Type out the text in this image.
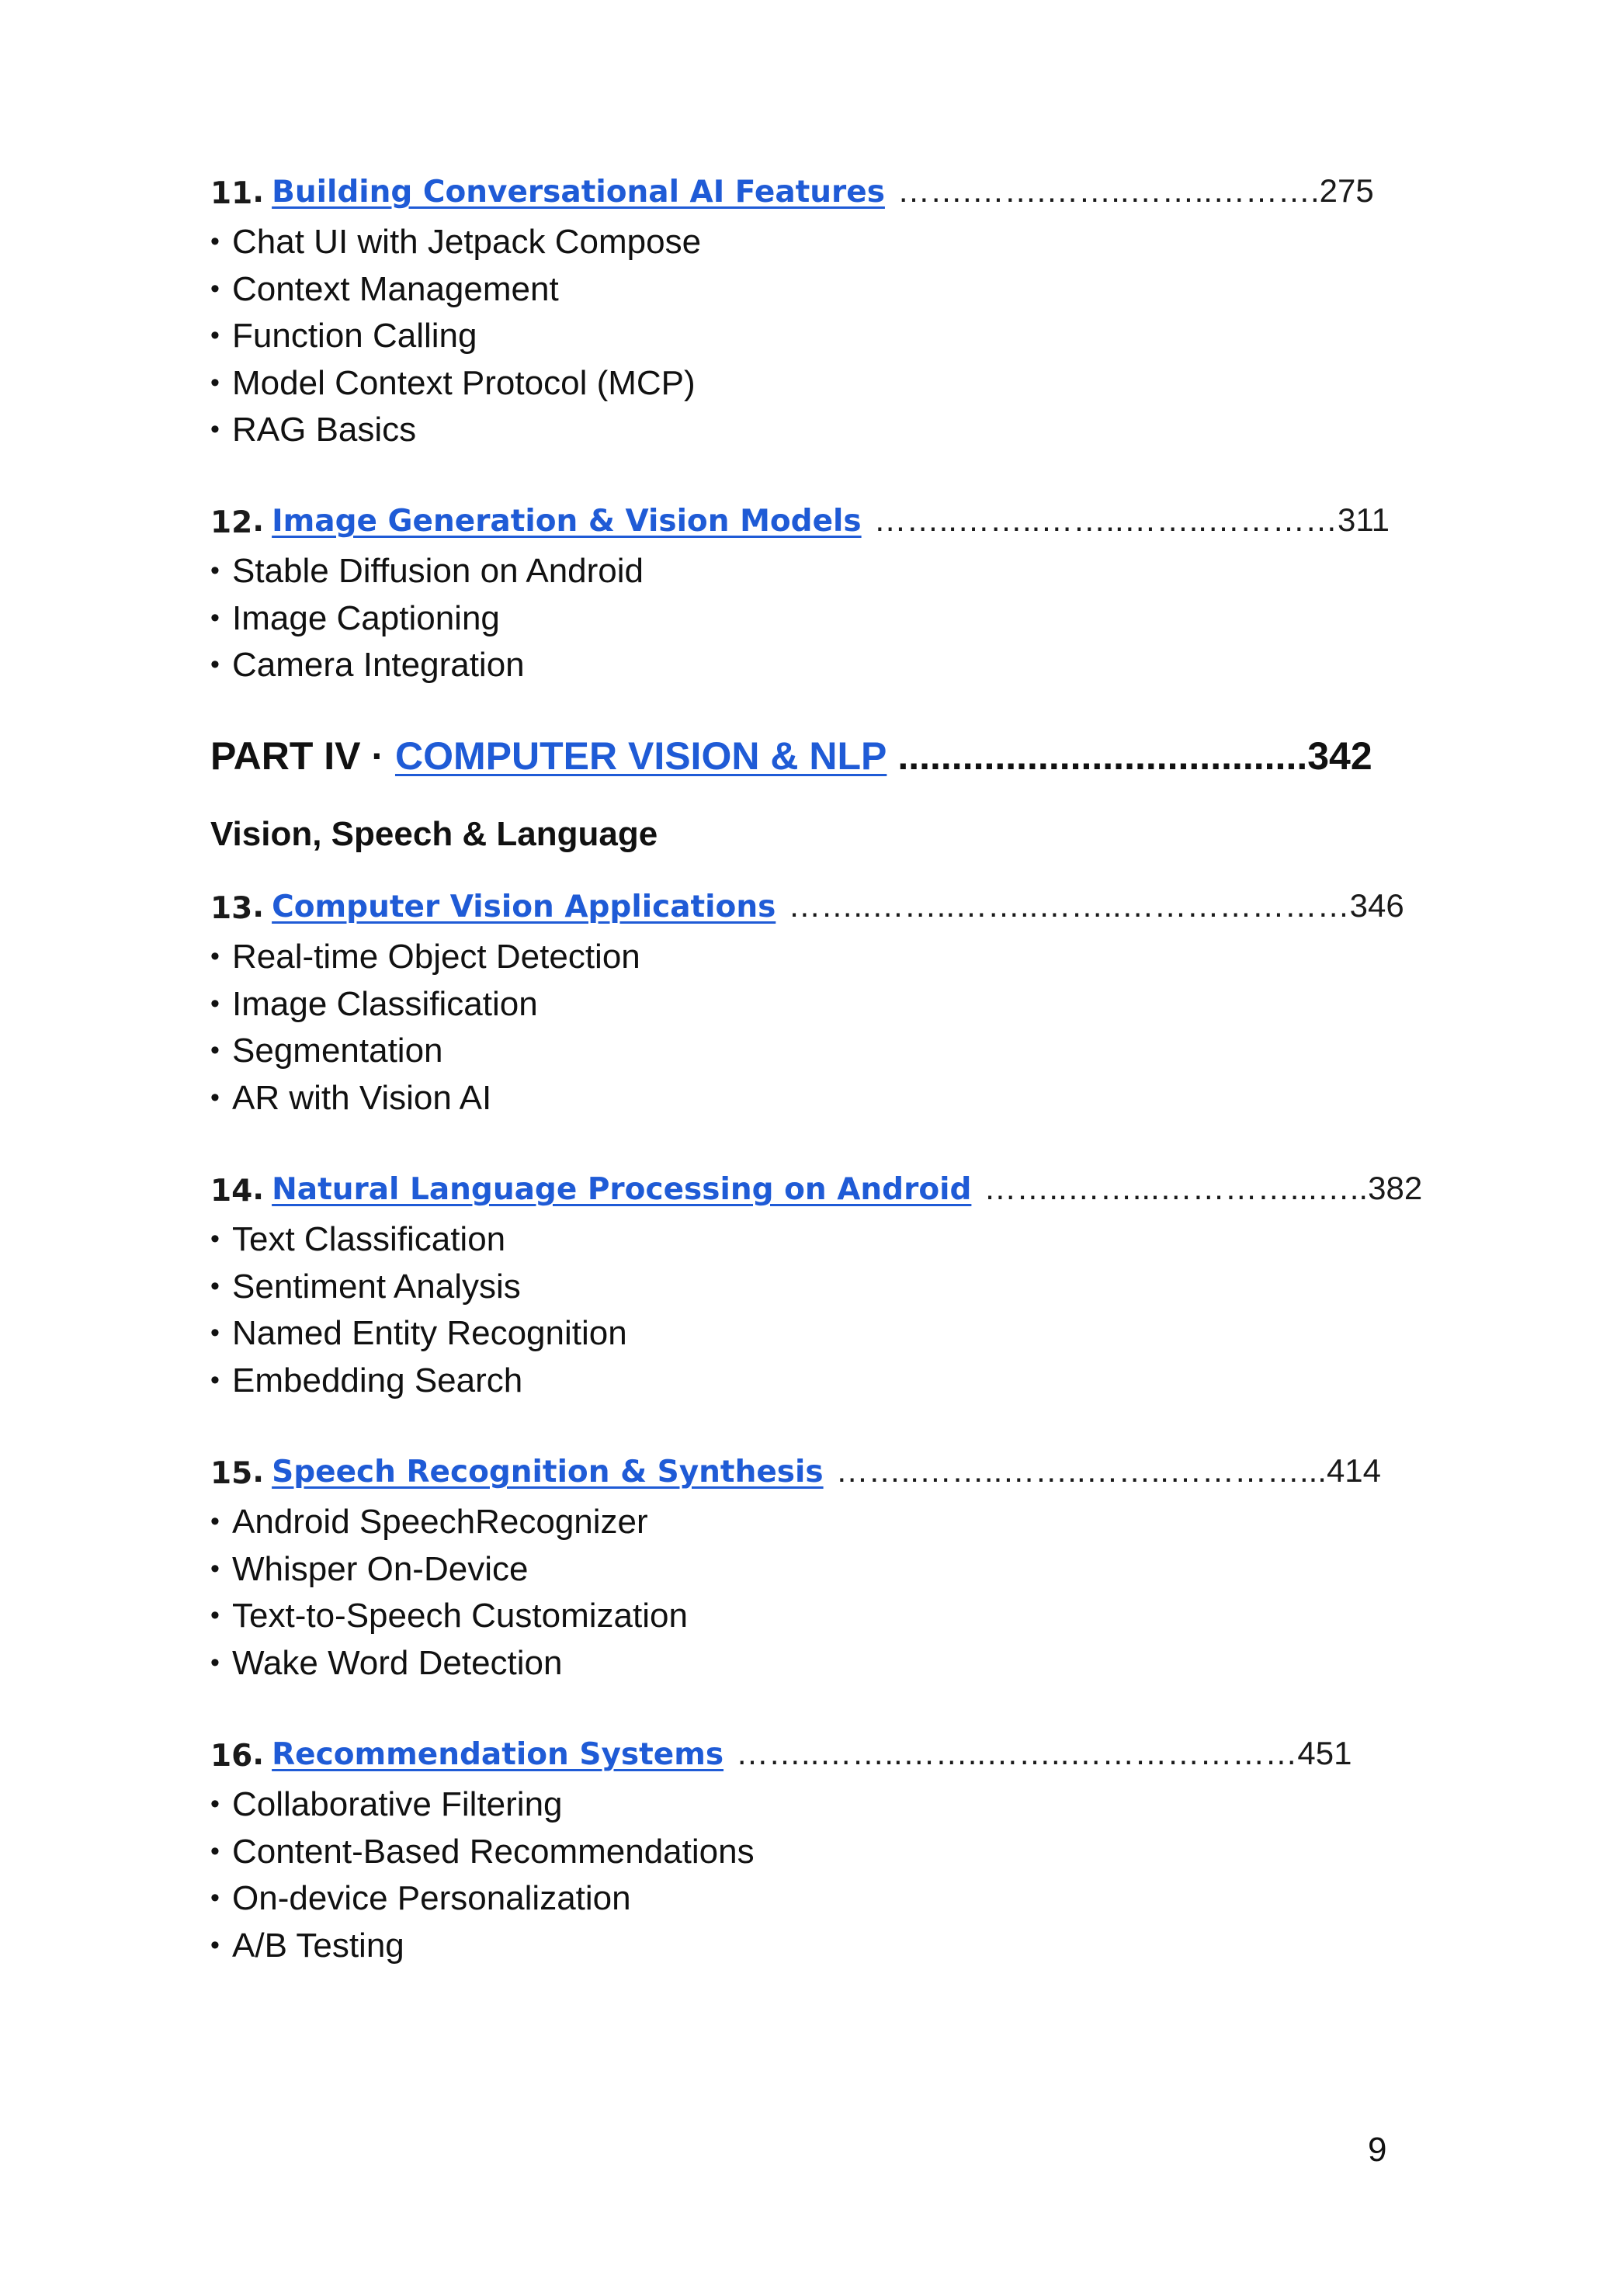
11. Building Conversational AI Features …….…….……..……..……….275
• Chat UI with Jetpack Compose
• Context Management
• Function Calling
• Model Context Protocol (MCP)
• RAG Basics
12. Image Generation & Vision Models ……..……..……..……..…………311
• Stable Diffusion on Android
• Image Captioning
• Camera Integration
PART IV · COMPUTER VISION & NLP ......................................342
Vision, Speech & Language
13. Computer Vision Applications ……..……..……..……..…………………346
• Real-time Object Detection
• Image Classification
• Segmentation
• AR with Vision AI
14. Natural Language Processing on Android ……..……...…………...…..382
• Text Classification
• Sentiment Analysis
• Named Entity Recognition
• Embedding Search
15. Speech Recognition & Synthesis ……..……..……..……..…………...414
• Android SpeechRecognizer
• Whisper On-Device
• Text-to-Speech Customization
• Wake Word Detection
16. Recommendation Systems ……..……..……..……..…………………451
• Collaborative Filtering
• Content-Based Recommendations
• On-device Personalization
• A/B Testing
9
